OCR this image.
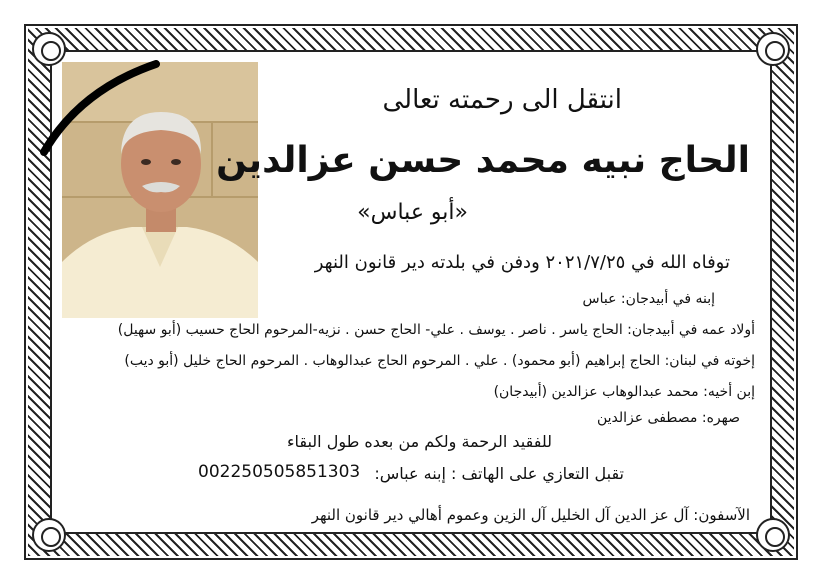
انتقل الى رحمته تعالى
الحاج نبيه محمد حسن عزالدين
«أبو عباس»
توفاه الله في ٢٠٢١/٧/٢٥ ودفن في بلدته دير قانون النهر
إبنه في أبيدجان: عباس
أولاد عمه في أبيدجان: الحاج ياسر . ناصر . يوسف . علي- الحاج حسن . نزيه-المرحوم الحاج حسيب (أبو سهيل)
إخوته في لبنان: الحاج إبراهيم (أبو محمود) . علي . المرحوم الحاج عبدالوهاب . المرحوم الحاج خليل (أبو ديب)
إبن أخيه: محمد عبدالوهاب عزالدين (أبيدجان)
صهره: مصطفى عزالدين
للفقيد الرحمة ولكم من بعده طول البقاء
تقبل التعازي على الهاتف : إبنه عباس:
002250505851303
الآسفون: آل عز الدين آل الخليل آل الزين وعموم أهالي دير قانون النهر
